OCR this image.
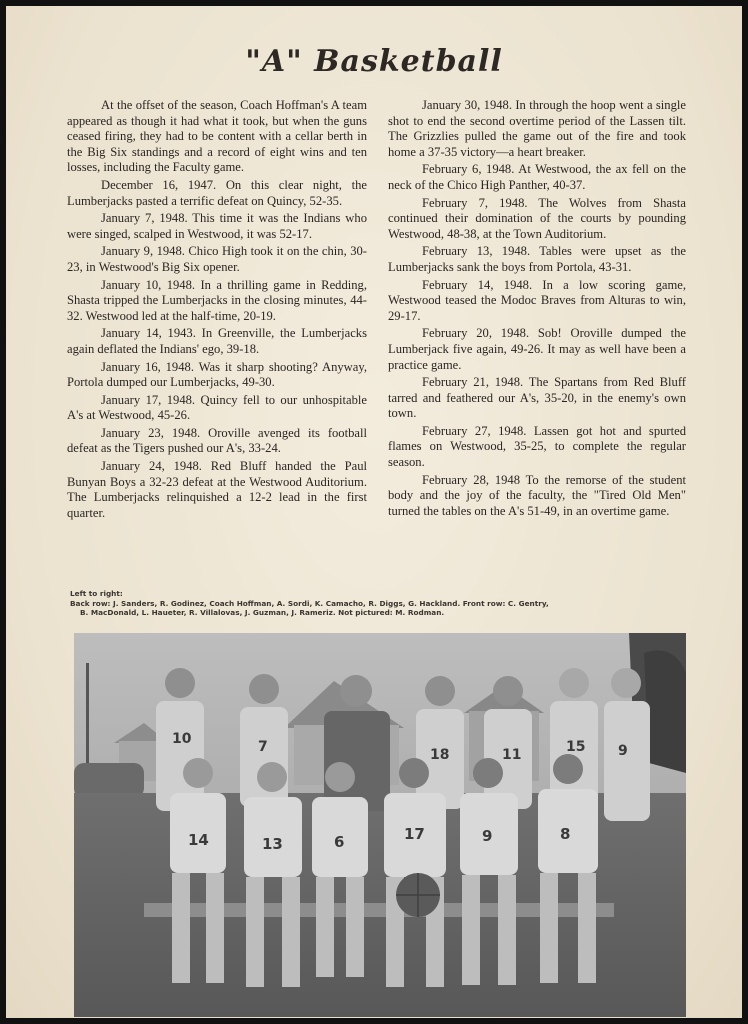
"A" Basketball

At the offset of the season, Coach Hoffman's A team appeared as though it had what it took, but when the guns ceased firing, they had to be content with a cellar berth in the Big Six standings and a record of eight wins and ten losses, including the Faculty game.

December 16, 1947. On this clear night, the Lumberjacks pasted a terrific defeat on Quincy, 52-35.

January 7, 1948. This time it was the Indians who were singed, scalped in Westwood, it was 52-17.

January 9, 1948. Chico High took it on the chin, 30-23, in Westwood's Big Six opener.

January 10, 1948. In a thrilling game in Redding, Shasta tripped the Lumberjacks in the closing minutes, 44-32. Westwood led at the half-time, 20-19.

January 14, 1943. In Greenville, the Lumberjacks again deflated the Indians' ego, 39-18.

January 16, 1948. Was it sharp shooting? Anyway, Portola dumped our Lumberjacks, 49-30.

January 17, 1948. Quincy fell to our unhospitable A's at Westwood, 45-26.

January 23, 1948. Oroville avenged its football defeat as the Tigers pushed our A's, 33-24.

January 24, 1948. Red Bluff handed the Paul Bunyan Boys a 32-23 defeat at the Westwood Auditorium. The Lumberjacks relinquished a 12-2 lead in the first quarter.

January 30, 1948. In through the hoop went a single shot to end the second overtime period of the Lassen tilt. The Grizzlies pulled the game out of the fire and took home a 37-35 victory—a heart breaker.

February 6, 1948. At Westwood, the ax fell on the neck of the Chico High Panther, 40-37.

February 7, 1948. The Wolves from Shasta continued their domination of the courts by pounding Westwood, 48-38, at the Town Auditorium.

February 13, 1948. Tables were upset as the Lumberjacks sank the boys from Portola, 43-31.

February 14, 1948. In a low scoring game, Westwood teased the Modoc Braves from Alturas to win, 29-17.

February 20, 1948. Sob! Oroville dumped the Lumberjack five again, 49-26. It may as well have been a practice game.

February 21, 1948. The Spartans from Red Bluff tarred and feathered our A's, 35-20, in the enemy's own town.

February 27, 1948. Lassen got hot and spurted flames on Westwood, 35-25, to complete the regular season.

February 28, 1948 To the remorse of the student body and the joy of the faculty, the "Tired Old Men" turned the tables on the A's 51-49, in an overtime game.

Left to right:
Back row: J. Sanders, R. Godinez, Coach Hoffman, A. Sordi, K. Camacho, R. Diggs, G. Hackland. Front row: C. Gentry,
B. MacDonald, L. Haueter, R. Villalovas, J. Guzman, J. Rameriz. Not pictured: M. Rodman.
10	7	18	11	15 9
14	13	6	17	9	8
